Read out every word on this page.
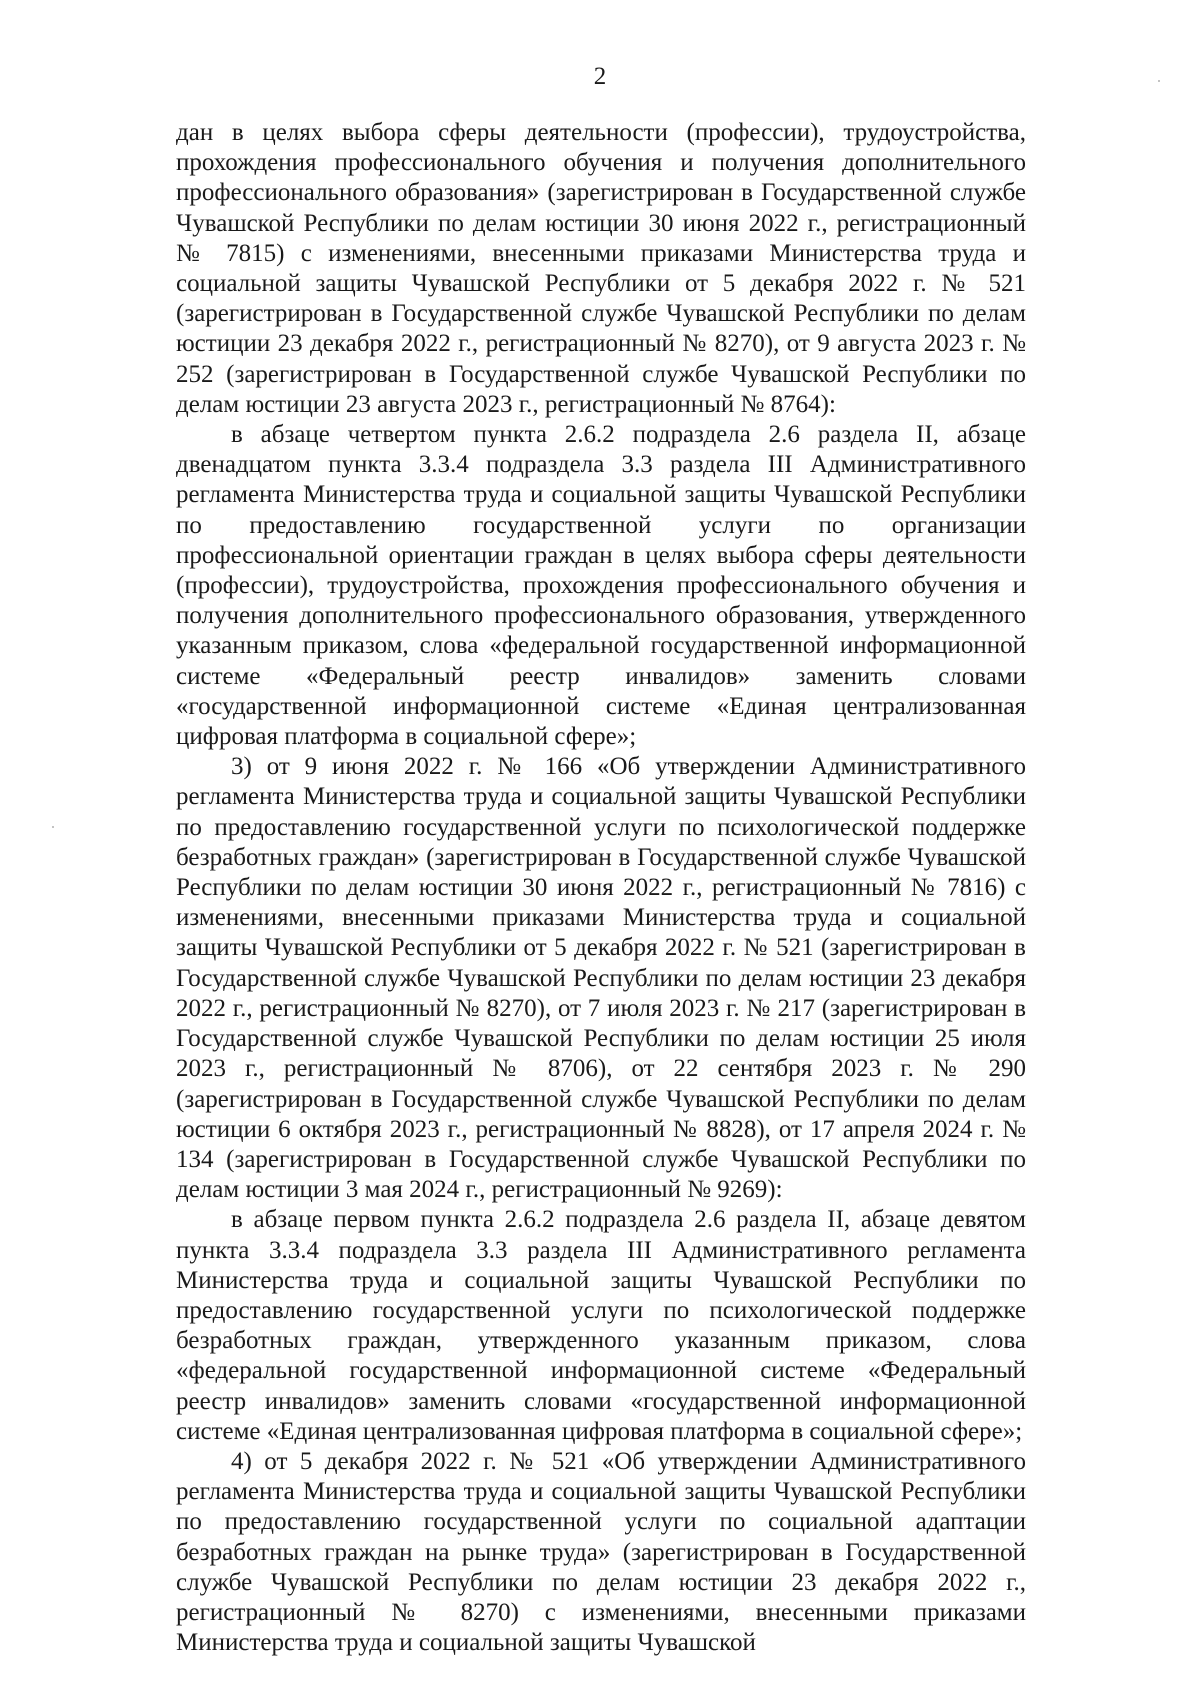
2

дан в целях выбора сферы деятельности (профессии), трудоустройства, прохождения профессионального обучения и получения дополнительного профессионального образования» (зарегистрирован в Государственной службе Чувашской Республики по делам юстиции 30 июня 2022 г., регистрационный № 7815) с изменениями, внесенными приказами Министерства труда и социальной защиты Чувашской Республики от 5 декабря 2022 г. № 521 (зарегистрирован в Государственной службе Чувашской Республики по делам юстиции 23 декабря 2022 г., регистрационный № 8270), от 9 августа 2023 г. № 252 (зарегистрирован в Государственной службе Чувашской Республики по делам юстиции 23 августа 2023 г., регистрационный № 8764):

в абзаце четвертом пункта 2.6.2 подраздела 2.6 раздела II, абзаце двенадцатом пункта 3.3.4 подраздела 3.3 раздела III Административного регламента Министерства труда и социальной защиты Чувашской Республики по предоставлению государственной услуги по организации профессиональной ориентации граждан в целях выбора сферы деятельности (профессии), трудоустройства, прохождения профессионального обучения и получения дополнительного профессионального образования, утвержденного указанным приказом, слова «федеральной государственной информационной системе «Федеральный реестр инвалидов» заменить словами «государственной информационной системе «Единая централизованная цифровая платформа в социальной сфере»;

3) от 9 июня 2022 г. № 166 «Об утверждении Административного регламента Министерства труда и социальной защиты Чувашской Республики по предоставлению государственной услуги по психологической поддержке безработных граждан» (зарегистрирован в Государственной службе Чувашской Республики по делам юстиции 30 июня 2022 г., регистрационный № 7816) с изменениями, внесенными приказами Министерства труда и социальной защиты Чувашской Республики от 5 декабря 2022 г. № 521 (зарегистрирован в Государственной службе Чувашской Республики по делам юстиции 23 декабря 2022 г., регистрационный № 8270), от 7 июля 2023 г. № 217 (зарегистрирован в Государственной службе Чувашской Республики по делам юстиции 25 июля 2023 г., регистрационный № 8706), от 22 сентября 2023 г. № 290 (зарегистрирован в Государственной службе Чувашской Республики по делам юстиции 6 октября 2023 г., регистрационный № 8828), от 17 апреля 2024 г. № 134 (зарегистрирован в Государственной службе Чувашской Республики по делам юстиции 3 мая 2024 г., регистрационный № 9269):

в абзаце первом пункта 2.6.2 подраздела 2.6 раздела II, абзаце девятом пункта 3.3.4 подраздела 3.3 раздела III Административного регламента Министерства труда и социальной защиты Чувашской Республики по предоставлению государственной услуги по психологической поддержке безработных граждан, утвержденного указанным приказом, слова «федеральной государственной информационной системе «Федеральный реестр инвалидов» заменить словами «государственной информационной системе «Единая централизованная цифровая платформа в социальной сфере»;

4) от 5 декабря 2022 г. № 521 «Об утверждении Административного регламента Министерства труда и социальной защиты Чувашской Республики по предоставлению государственной услуги по социальной адаптации безработных граждан на рынке труда» (зарегистрирован в Государственной службе Чувашской Республики по делам юстиции 23 декабря 2022 г., регистрационный № 8270) с изменениями, внесенными приказами Министерства труда и социальной защиты Чувашской
